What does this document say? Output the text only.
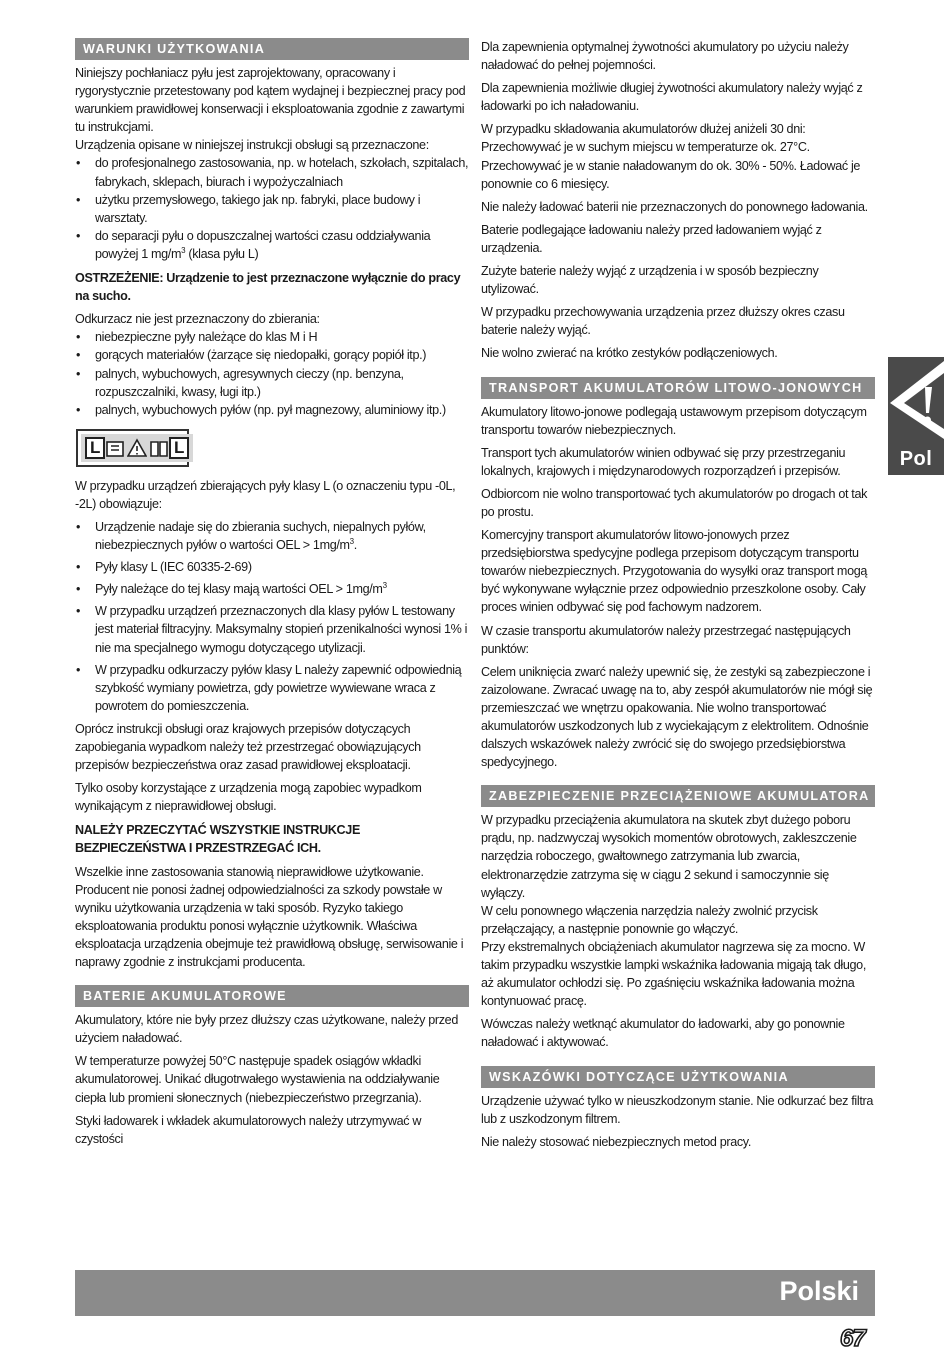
WARUNKI UŻYTKOWANIA

Niniejszy pochłaniacz pyłu jest zaprojektowany, opracowany i rygorystycznie przetestowany pod kątem wydajnej i bezpiecznej pracy pod warunkiem prawidłowej konserwacji i eksploatowania zgodnie z zawartymi tu instrukcjami.

Urządzenia opisane w niniejszej instrukcji obsługi są przeznaczone:

• do profesjonalnego zastosowania, np. w hotelach, szkołach, szpitalach, fabrykach, sklepach, biurach i wypożyczalniach
• użytku przemysłowego, takiego jak np. fabryki, place budowy i warsztaty.
• do separacji pyłu o dopuszczalnej wartości czasu oddziaływania powyżej 1 $mg/m^3$ (klasa pyłu L)

OSTRZEŻENIE: Urządzenie to jest przeznaczone wyłącznie do pracy na sucho.

Odkurzacz nie jest przeznaczony do zbierania:

• niebezpieczne pyły należące do klas M i H
• gorących materiałów (żarzące się niedopałki, gorący popiół itp.)
• palnych, wybuchowych, agresywnych cieczy (np. benzyna, rozpuszczalniki, kwasy, ługi itp.)
• palnych, wybuchowych pyłów (np. pył magnezowy, aluminiowy itp.)
L	L

W przypadku urządzeń zbierających pyły klasy L (o oznaczeniu typu -0L, -2L) obowiązuje:

• Urządzenie nadaje się do zbierania suchych, niepalnych pyłów, niebezpiecznych pyłów o wartości OEL > $1mg/m^3$.
• Pyły klasy L (IEC 60335-2-69)
• Pyły należące do tej klasy mają wartości OEL > $1mg/m^3$
• W przypadku urządzeń przeznaczonych dla klasy pyłów L testowany jest materiał filtracyjny. Maksymalny stopień przenikalności wynosi 1% i nie ma specjalnego wymogu dotyczącego utylizacji.
• W przypadku odkurzaczy pyłów klasy L należy zapewnić odpowiednią szybkość wymiany powietrza, gdy powietrze wywiewane wraca z powrotem do pomieszczenia.

Oprócz instrukcji obsługi oraz krajowych przepisów dotyczących zapobiegania wypadkom należy też przestrzegać obowiązujących przepisów bezpieczeństwa oraz zasad prawidłowej eksploatacji.

Tylko osoby korzystające z urządzenia mogą zapobiec wypadkom wynikającym z nieprawidłowej obsługi.

NALEŻY PRZECZYTAĆ WSZYSTKIE INSTRUKCJE BEZPIECZEŃSTWA I PRZESTRZEGAĆ ICH.

Wszelkie inne zastosowania stanowią nieprawidłowe użytkowanie. Producent nie ponosi żadnej odpowiedzialności za szkody powstałe w wyniku użytkowania urządzenia w taki sposób. Ryzyko takiego eksploatowania produktu ponosi wyłącznie użytkownik. Właściwa eksploatacja urządzenia obejmuje też prawidłową obsługę, serwisowanie i naprawy zgodnie z instrukcjami producenta.

BATERIE AKUMULATOROWE

Akumulatory, które nie były przez dłuższy czas użytkowane, należy przed użyciem naładować.

W temperaturze powyżej 50°C następuje spadek osiągów wkładki akumulatorowej. Unikać długotrwałego wystawienia na oddziaływanie ciepła lub promieni słonecznych (niebezpieczeństwo przegrzania).

Styki ładowarek i wkładek akumulatorowych należy utrzymywać w czystości

Dla zapewnienia optymalnej żywotności akumulatory po użyciu należy naładować do pełnej pojemności.

Dla zapewnienia możliwie długiej żywotności akumulatory należy wyjąć z ładowarki po ich naładowaniu.

W przypadku składowania akumulatorów dłużej aniżeli 30 dni: Przechowywać je w suchym miejscu w temperaturze ok. 27°C. Przechowywać je w stanie naładowanym do ok. 30% - 50%. Ładować je ponownie co 6 miesięcy.

Nie należy ładować baterii nie przeznaczonych do ponownego ładowania.

Baterie podlegające ładowaniu należy przed ładowaniem wyjąć z urządzenia.

Zużyte baterie należy wyjąć z urządzenia i w sposób bezpieczny utylizować.

W przypadku przechowywania urządzenia przez dłuższy okres czasu baterie należy wyjąć.

Nie wolno zwierać na krótko zestyków podłączeniowych.

TRANSPORT AKUMULATORÓW LITOWO-JONOWYCH

Akumulatory litowo-jonowe podlegają ustawowym przepisom dotyczącym transportu towarów niebezpiecznych.

Transport tych akumulatorów winien odbywać się przy przestrzeganiu lokalnych, krajowych i międzynarodowych rozporządzeń i przepisów.

Odbiorcom nie wolno transportować tych akumulatorów po drogach ot tak po prostu.

Komercyjny transport akumulatorów litowo-jonowych przez przedsiębiorstwa spedycyjne podlega przepisom dotyczącym transportu towarów niebezpiecznych. Przygotowania do wysyłki oraz transport mogą być wykonywane wyłącznie przez odpowiednio przeszkolone osoby. Cały proces winien odbywać się pod fachowym nadzorem.

W czasie transportu akumulatorów należy przestrzegać następujących punktów:

Celem uniknięcia zwarć należy upewnić się, że zestyki są zabezpieczone i zaizolowane. Zwracać uwagę na to, aby zespół akumulatorów nie mógł się przemieszczać we wnętrzu opakowania. Nie wolno transportować akumulatorów uszkodzonych lub z wyciekającym z elektrolitem. Odnośnie dalszych wskazówek należy zwrócić się do swojego przedsiębiorstwa spedycyjnego.

ZABEZPIECZENIE PRZECIĄŻENIOWE AKUMULATORA

W przypadku przeciążenia akumulatora na skutek zbyt dużego poboru prądu, np. nadzwyczaj wysokich momentów obrotowych, zakleszczenie narzędzia roboczego, gwałtownego zatrzymania lub zwarcia, elektronarzędzie zatrzyma się w ciągu 2 sekund i samoczynnie się wyłączy.

W celu ponownego włączenia narzędzia należy zwolnić przycisk przełączający, a następnie ponownie go włączyć.

Przy ekstremalnych obciążeniach akumulator nagrzewa się za mocno. W takim przypadku wszystkie lampki wskaźnika ładowania migają tak długo, aż akumulator ochłodzi się. Po zgaśnięciu wskaźnika ładowania można kontynuować pracę.

Wówczas należy wetknąć akumulator do ładowarki, aby go ponownie naładować i aktywować.

WSKAZÓWKI DOTYCZĄCE UŻYTKOWANIA

Urządzenie używać tylko w nieuszkodzonym stanie. Nie odkurzać bez filtra lub z uszkodzonym filtrem.

Nie należy stosować niebezpiecznych metod pracy.

Pol
Polski
67
